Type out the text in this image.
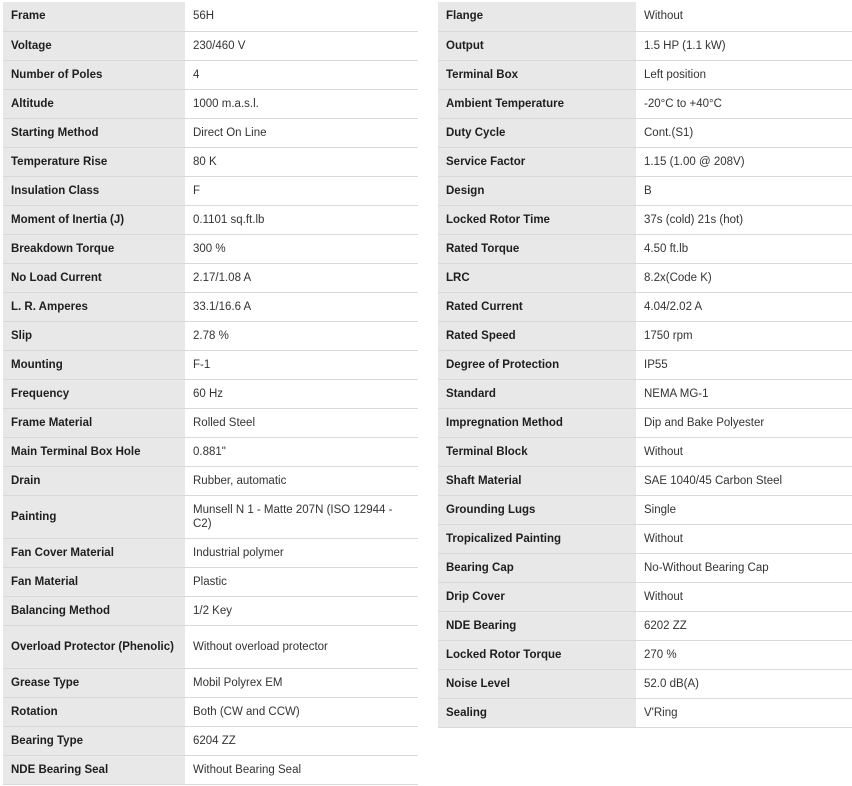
Frame	56H
Voltage	230/460 V
Number of Poles	4
Altitude	1000 m.a.s.l.
Starting Method	Direct On Line
Temperature Rise	80 K
Insulation Class	F
Moment of Inertia (J)	0.1101 sq.ft.lb
Breakdown Torque	300 %
No Load Current	2.17/1.08 A
L. R. Amperes	33.1/16.6 A
Slip	2.78 %
Mounting	F-1
Frequency	60 Hz
Frame Material	Rolled Steel
Main Terminal Box Hole	0.881"
Drain	Rubber, automatic
Painting	Munsell N 1 - Matte 207N (ISO 12944 - C2)
Fan Cover Material	Industrial polymer
Fan Material	Plastic
Balancing Method	1/2 Key
Overload Protector (Phenolic)	Without overload protector
Grease Type	Mobil Polyrex EM
Rotation	Both (CW and CCW)
Bearing Type	6204 ZZ
NDE Bearing Seal	Without Bearing Seal
Flange	Without
Output	1.5 HP (1.1 kW)
Terminal Box	Left position
Ambient Temperature	-20°C to +40°C
Duty Cycle	Cont.(S1)
Service Factor	1.15 (1.00 @ 208V)
Design	B
Locked Rotor Time	37s (cold) 21s (hot)
Rated Torque	4.50 ft.lb
LRC	8.2x(Code K)
Rated Current	4.04/2.02 A
Rated Speed	1750 rpm
Degree of Protection	IP55
Standard	NEMA MG-1
Impregnation Method	Dip and Bake Polyester
Terminal Block	Without
Shaft Material	SAE 1040/45 Carbon Steel
Grounding Lugs	Single
Tropicalized Painting	Without
Bearing Cap	No-Without Bearing Cap
Drip Cover	Without
NDE Bearing	6202 ZZ
Locked Rotor Torque	270 %
Noise Level	52.0 dB(A)
Sealing	V'Ring
